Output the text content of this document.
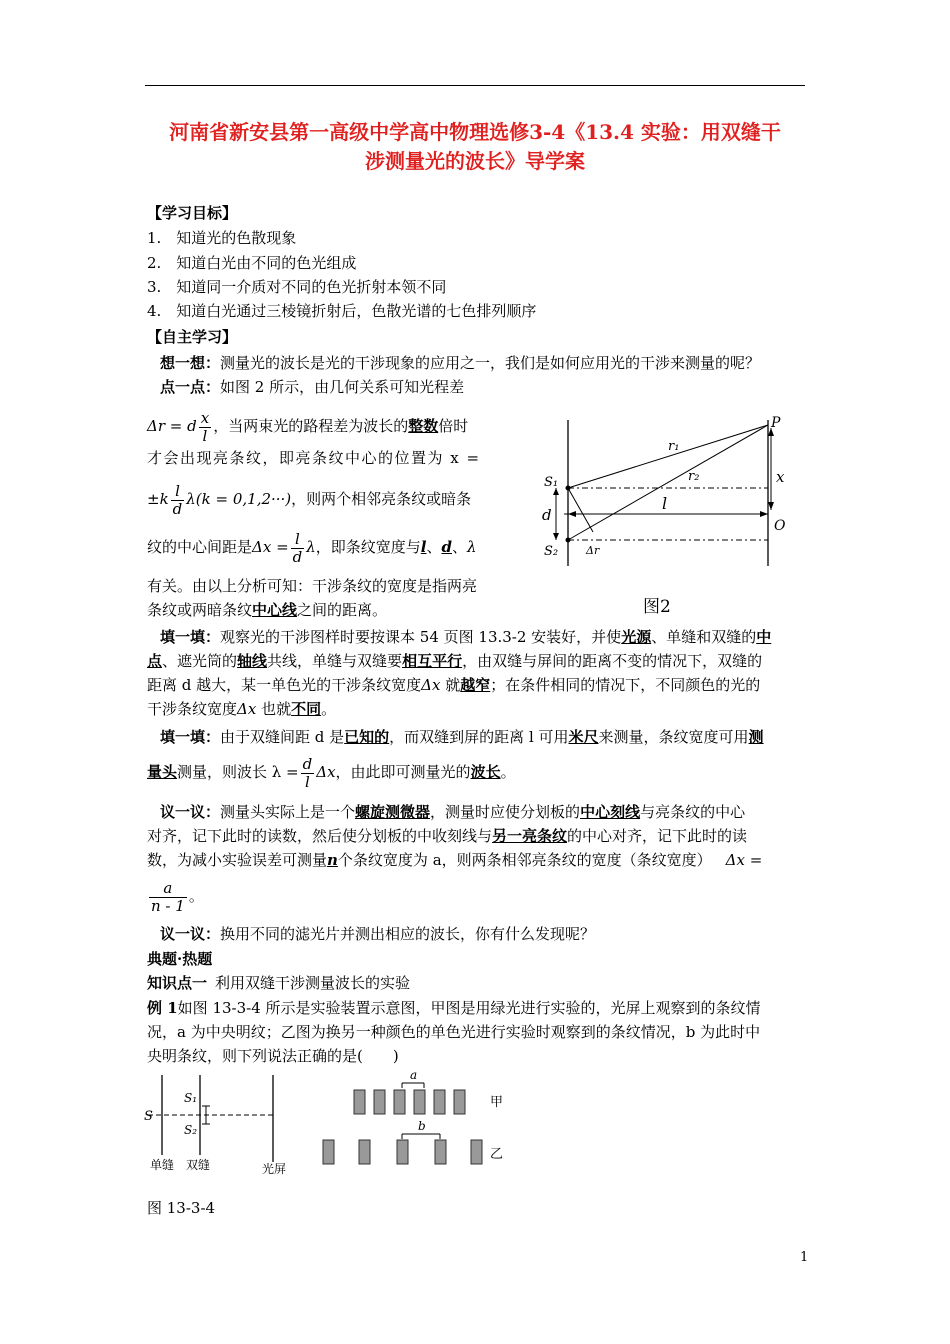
河南省新安县第一高级中学高中物理选修3-4《13.4 实验：用双缝干
涉测量光的波长》导学案
【学习目标】
1.　知道光的色散现象
2.　知道白光由不同的色光组成
3.　知道同一介质对不同的色光折射本领不同
4.　知道白光通过三棱镜折射后，色散光谱的七色排列顺序
【自主学习】
想一想：测量光的波长是光的干涉现象的应用之一，我们是如何应用光的干涉来测量的呢？
点一点：如图 2 所示，由几何关系可知光程差
Δr = d $\frac{x}{l}$ ，当两束光的路程差为波长的整数倍时
才会出现亮条纹，即亮条纹中心的位置为 x =
$\pm k \frac{l}{d} \lambda(k = 0,1,2\cdot\cdot\cdot)$，则两个相邻亮条纹或暗条
纹的中心间距是$\Delta x = \frac{l}{d}$ λ，即条纹宽度与l、d、λ
有关。由以上分析可知：干涉条纹的宽度是指两亮
条纹或两暗条纹中心线之间的距离。
P
S₁
S₂
r₁
r₂	x
d
l
O
Δr
图2
填一填：观察光的干涉图样时要按课本 54 页图 13.3-2 安装好，并使光源、单缝和双缝的中
点、遮光筒的轴线共线，单缝与双缝要相互平行，由双缝与屏间的距离不变的情况下，双缝的
距离 d 越大，某一单色光的干涉条纹宽度Δx 就越窄；在条件相同的情况下，不同颜色的光的
干涉条纹宽度Δx 也就不同。
填一填：由于双缝间距 d 是已知的，而双缝到屏的距离 l 可用米尺来测量，条纹宽度可用测
量头测量，则波长 $\lambda = \frac{d}{l}$ Δx，由此即可测量光的波长。
议一议：测量头实际上是一个螺旋测微器，测量时应使分划板的中心刻线与亮条纹的中心
对齐，记下此时的读数，然后使分划板的中收刻线与另一亮条纹的中心对齐，记下此时的读
数，为减小实验误差可测量n个条纹宽度为 a，则两条相邻亮条纹的宽度（条纹宽度） Δx =
$\frac{a}{n - 1}$ 。
议一议：换用不同的滤光片并测出相应的波长，你有什么发现呢？
典题·热题
知识点一 利用双缝干涉测量波长的实验
例 1如图 13-3-4 所示是实验装置示意图，甲图是用绿光进行实验的，光屏上观察到的条纹情
况，a 为中央明纹；乙图为换另一种颜色的单色光进行实验时观察到的条纹情况，b 为此时中
央明条纹，则下列说法正确的是(　　)
S
S₁
S₂
单缝 双缝	光屏
a
甲
b
乙
图 13-3-4
1
